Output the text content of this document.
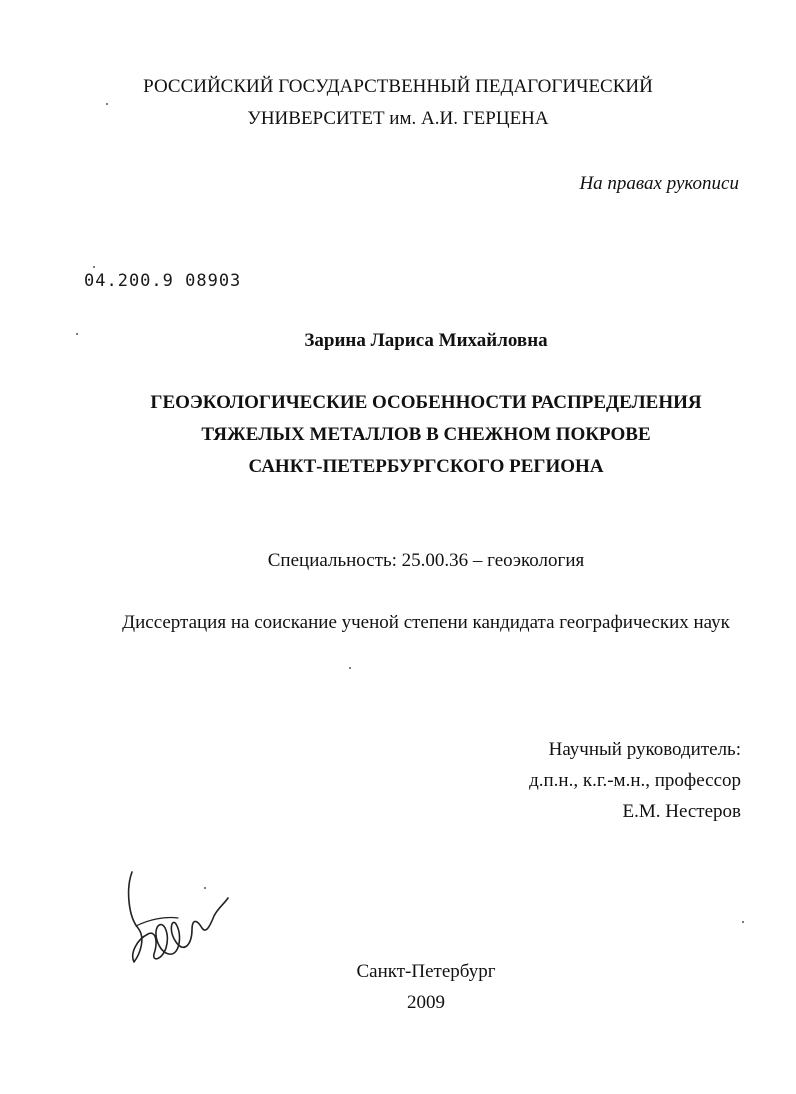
РОССИЙСКИЙ ГОСУДАРСТВЕННЫЙ ПЕДАГОГИЧЕСКИЙ
УНИВЕРСИТЕТ им. А.И. ГЕРЦЕНА
На правах рукописи
04.200.9 08903
Зарина Лариса Михайловна
ГЕОЭКОЛОГИЧЕСКИЕ ОСОБЕННОСТИ РАСПРЕДЕЛЕНИЯ
ТЯЖЕЛЫХ МЕТАЛЛОВ В СНЕЖНОМ ПОКРОВЕ
САНКТ-ПЕТЕРБУРГСКОГО РЕГИОНА
Специальность: 25.00.36 – геоэкология
Диссертация на соискание ученой степени кандидата географических наук
Научный руководитель:
д.п.н., к.г.-м.н., профессор
Е.М. Нестеров
Санкт-Петербург
2009
